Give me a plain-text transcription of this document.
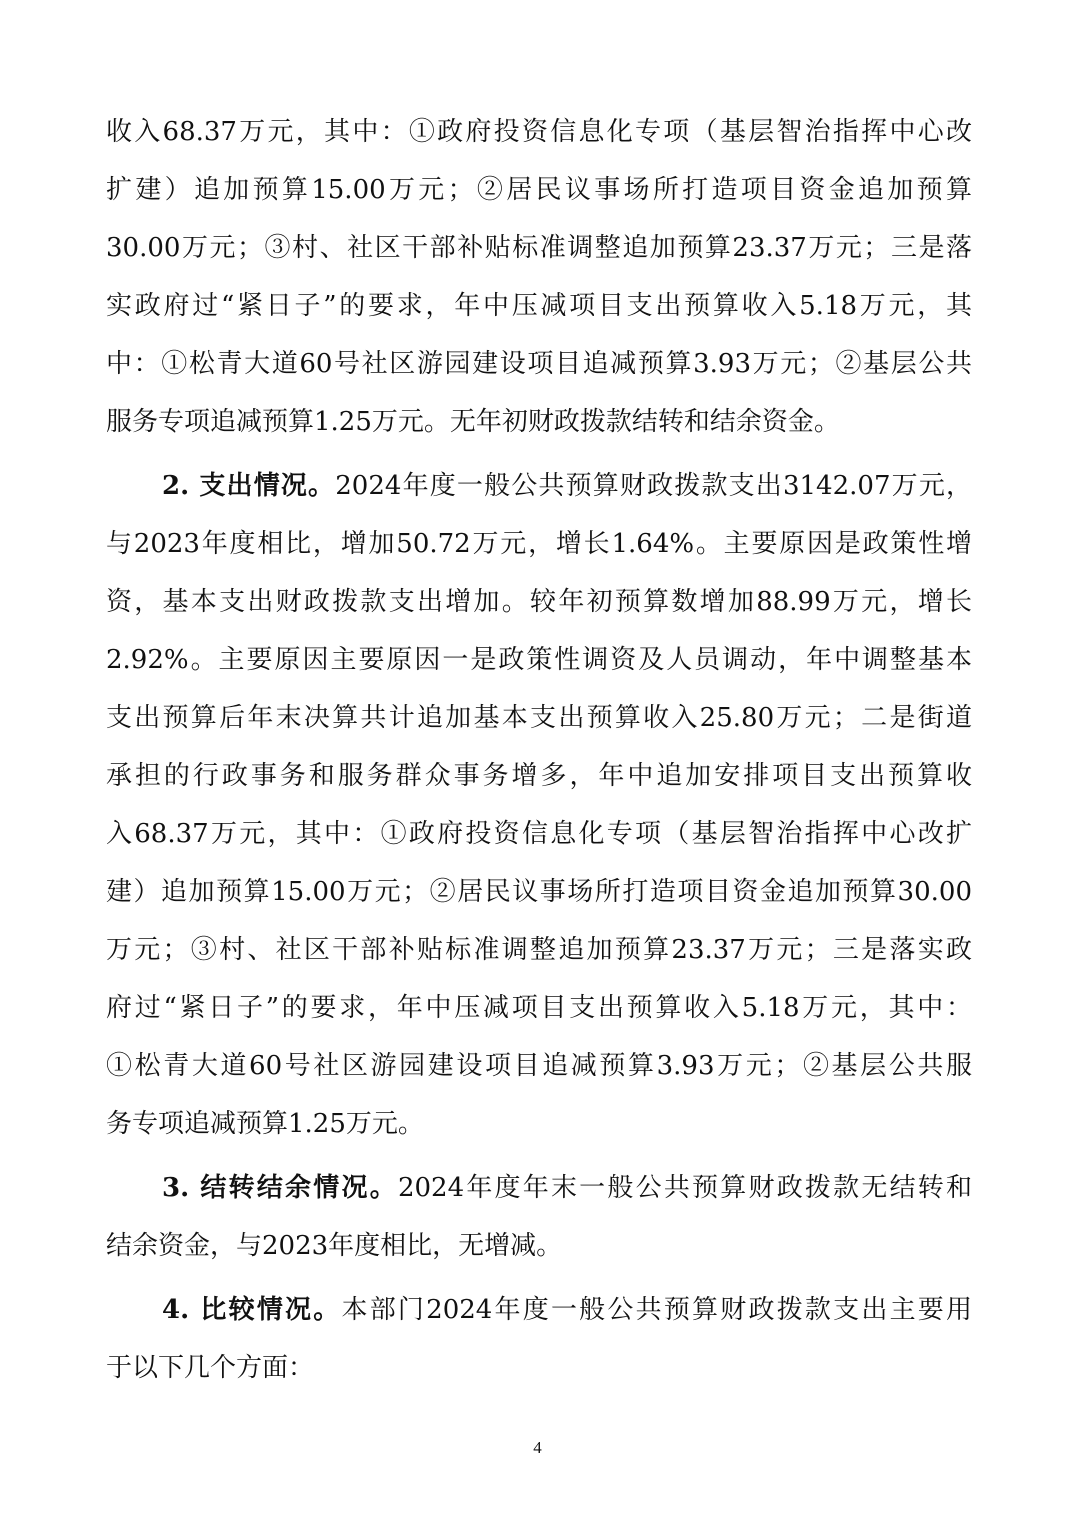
收入68.37万元，其中：①政府投资信息化专项（基层智治指挥中心改
扩建）追加预算15.00万元；②居民议事场所打造项目资金追加预算
30.00万元；③村、社区干部补贴标准调整追加预算23.37万元；三是落
实政府过“紧日子”的要求，年中压减项目支出预算收入5.18万元，其
中：①松青大道60号社区游园建设项目追减预算3.93万元；②基层公共
服务专项追减预算1.25万元。无年初财政拨款结转和结余资金。
2. 支出情况。2024年度一般公共预算财政拨款支出3142.07万元，
与2023年度相比，增加50.72万元，增长1.64%。主要原因是政策性增
资，基本支出财政拨款支出增加。较年初预算数增加88.99万元，增长
2.92%。主要原因主要原因一是政策性调资及人员调动，年中调整基本
支出预算后年末决算共计追加基本支出预算收入25.80万元；二是街道
承担的行政事务和服务群众事务增多，年中追加安排项目支出预算收
入68.37万元，其中：①政府投资信息化专项（基层智治指挥中心改扩
建）追加预算15.00万元；②居民议事场所打造项目资金追加预算30.00
万元；③村、社区干部补贴标准调整追加预算23.37万元；三是落实政
府过“紧日子”的要求，年中压减项目支出预算收入5.18万元，其中：
①松青大道60号社区游园建设项目追减预算3.93万元；②基层公共服
务专项追减预算1.25万元。
3. 结转结余情况。2024年度年末一般公共预算财政拨款无结转和
结余资金，与2023年度相比，无增减。
4. 比较情况。本部门2024年度一般公共预算财政拨款支出主要用
于以下几个方面：
4
